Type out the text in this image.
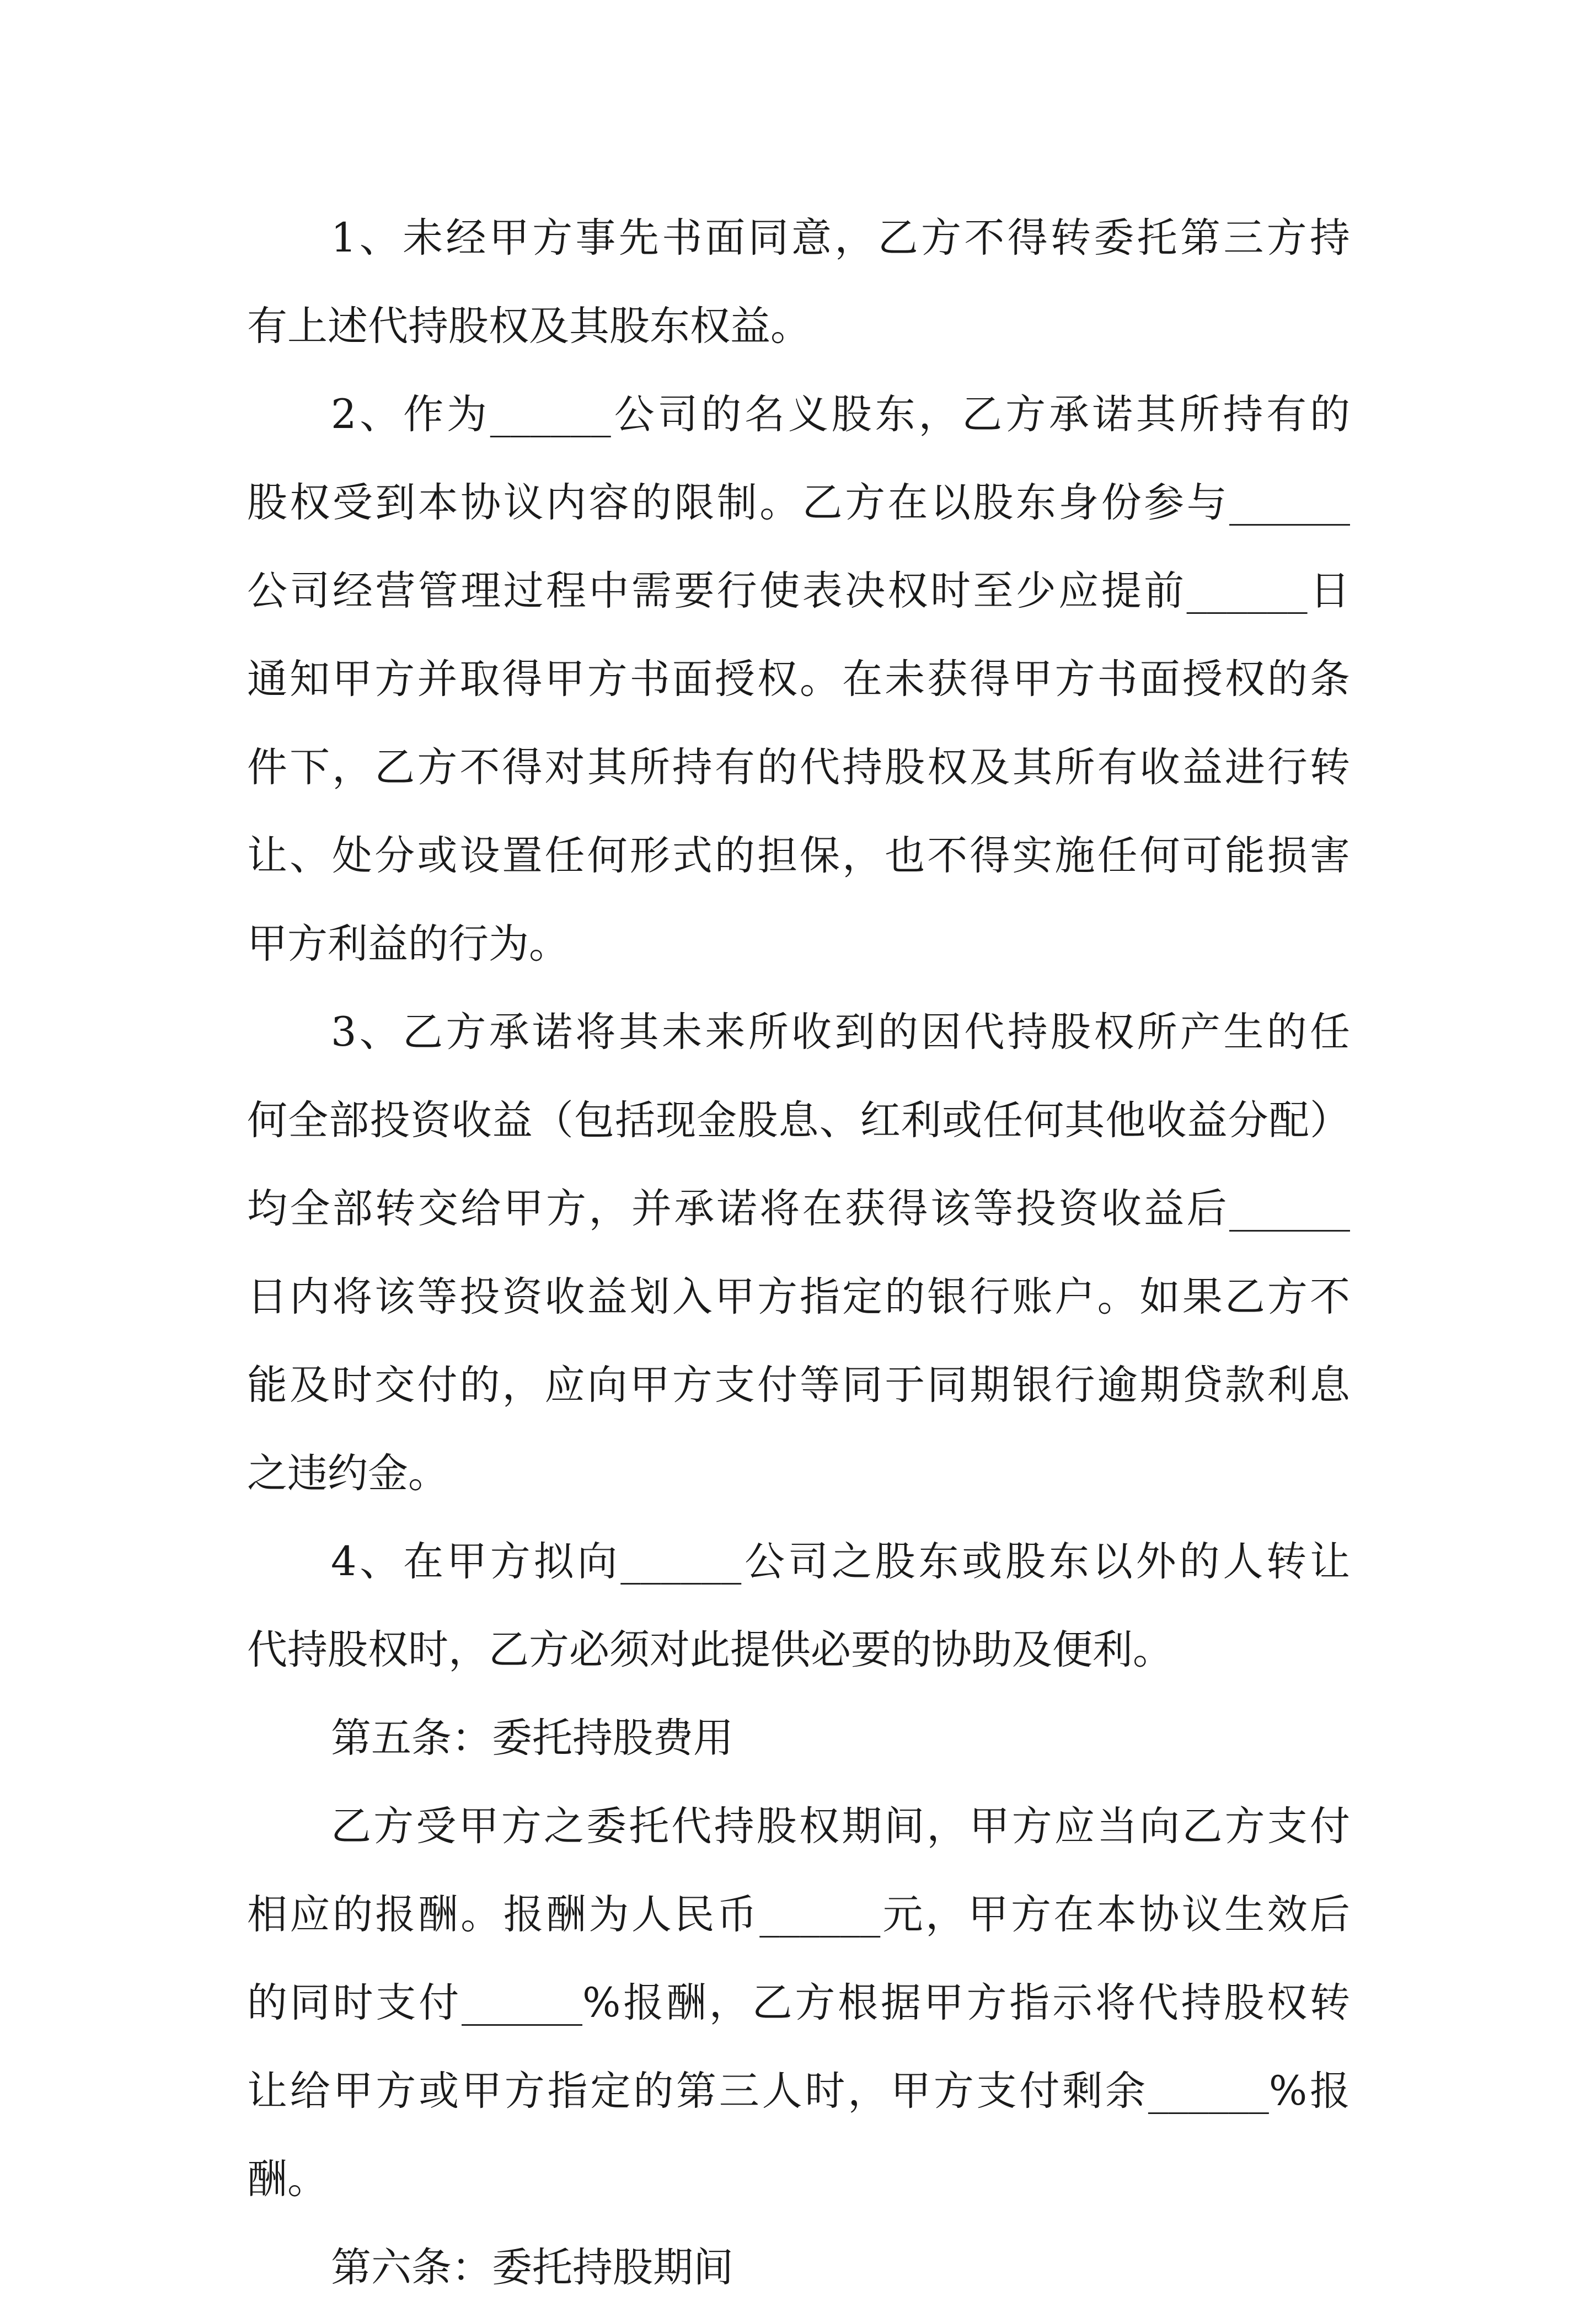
1、未经甲方事先书面同意，乙方不得转委托第三方持
有上述代持股权及其股东权益。
2、作为______公司的名义股东，乙方承诺其所持有的
股权受到本协议内容的限制。乙方在以股东身份参与______
公司经营管理过程中需要行使表决权时至少应提前______日
通知甲方并取得甲方书面授权。在未获得甲方书面授权的条
件下，乙方不得对其所持有的代持股权及其所有收益进行转
让、处分或设置任何形式的担保，也不得实施任何可能损害
甲方利益的行为。
3、乙方承诺将其未来所收到的因代持股权所产生的任
何全部投资收益（包括现金股息、红利或任何其他收益分配）
均全部转交给甲方，并承诺将在获得该等投资收益后______
日内将该等投资收益划入甲方指定的银行账户。如果乙方不
能及时交付的，应向甲方支付等同于同期银行逾期贷款利息
之违约金。
4、在甲方拟向______公司之股东或股东以外的人转让
代持股权时，乙方必须对此提供必要的协助及便利。
第五条：委托持股费用
乙方受甲方之委托代持股权期间，甲方应当向乙方支付
相应的报酬。报酬为人民币______元，甲方在本协议生效后
的同时支付______%报酬，乙方根据甲方指示将代持股权转
让给甲方或甲方指定的第三人时，甲方支付剩余______%报
酬。
第六条：委托持股期间
